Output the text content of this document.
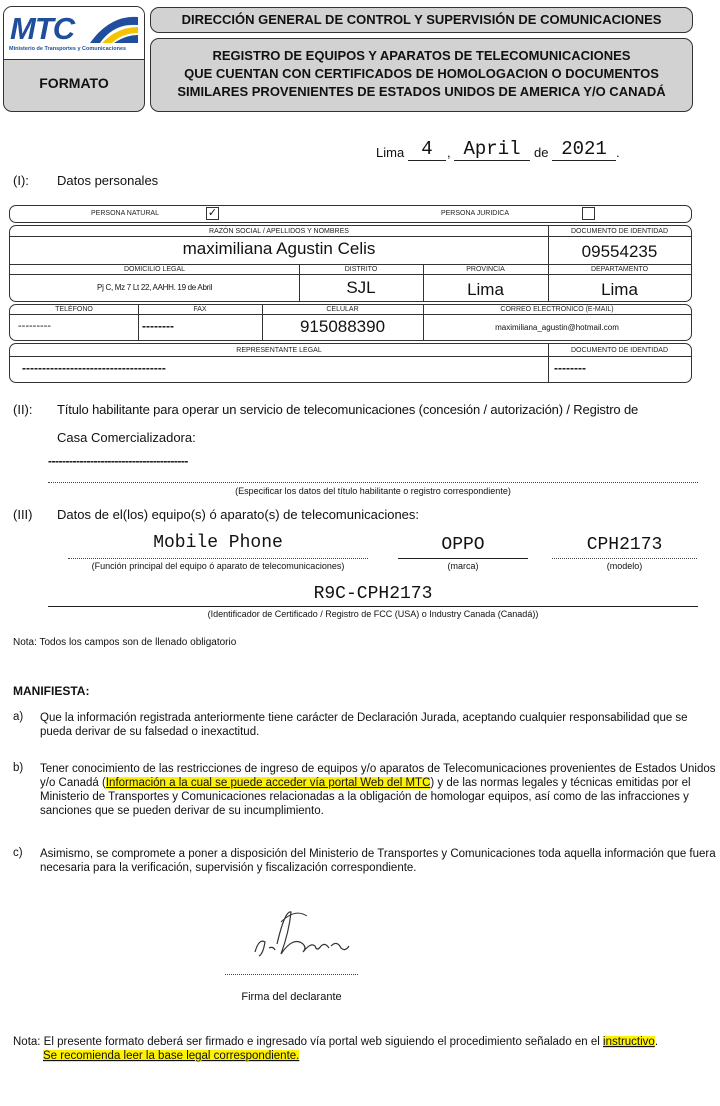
MTC
Ministerio de Transportes y Comunicaciones
FORMATO
DIRECCIÓN GENERAL DE CONTROL Y SUPERVISIÓN DE COMUNICACIONES
REGISTRO DE EQUIPOS Y APARATOS DE TELECOMUNICACIONES
QUE CUENTAN CON CERTIFICADOS DE HOMOLOGACION O DOCUMENTOS
SIMILARES PROVENIENTES DE ESTADOS UNIDOS DE AMERICA Y/O CANADÁ
Lima 4	, April	de 2021 .
(I): Datos personales
PERSONA NATURAL	✓	PERSONA JURIDICA
RAZÓN SOCIAL / APELLIDOS Y NOMBRES	DOCUMENTO DE IDENTIDAD
maximiliana Agustin Celis	09554235
DOMICILIO LEGAL	DISTRITO	PROVINCIA	DEPARTAMENTO
Pj C, Mz 7 Lt 22, AAHH. 19 de Abril	SJL	Lima	Lima
TELÉFONO	FAX	CELULAR	CORREO ELECTRÓNICO (E-MAIL)
---------	--------	915088390	maximiliana_agustin@hotmail.com
REPRESENTANTE LEGAL	DOCUMENTO DE IDENTIDAD
------------------------------------	--------
(II): Título habilitante para operar un servicio de telecomunicaciones (concesión / autorización) / Registro de
Casa Comercializadora:
----------------------------------------
(Especificar los datos del título habilitante o registro correspondiente)
(III) Datos de el(los) equipo(s) ó aparato(s) de telecomunicaciones:
Mobile Phone
(Función principal del equipo ó aparato de telecomunicaciones)
OPPO
(marca)
CPH2173
(modelo)
R9C-CPH2173
(Identificador de Certificado / Registro de FCC (USA) o Industry Canada (Canadá))
Nota: Todos los campos son de llenado obligatorio
MANIFIESTA:
a) Que la información registrada anteriormente tiene carácter de Declaración Jurada, aceptando cualquier responsabilidad que se pueda derivar de su falsedad o inexactitud.
b) Tener conocimiento de las restricciones de ingreso de equipos y/o aparatos de Telecomunicaciones provenientes de Estados Unidos y/o Canadá (Información a la cual se puede acceder vía portal Web del MTC) y de las normas legales y técnicas emitidas por el Ministerio de Transportes y Comunicaciones relacionadas a la obligación de homologar equipos, así como de las infracciones y sanciones que se pueden derivar de su incumplimiento.
c) Asimismo, se compromete a poner a disposición del Ministerio de Transportes y Comunicaciones toda aquella información que fuera necesaria para la verificación, supervisión y fiscalización correspondiente.
Firma del declarante
Nota: El presente formato deberá ser firmado e ingresado vía portal web siguiendo el procedimiento señalado en el instructivo.
Se recomienda leer la base legal correspondiente.
